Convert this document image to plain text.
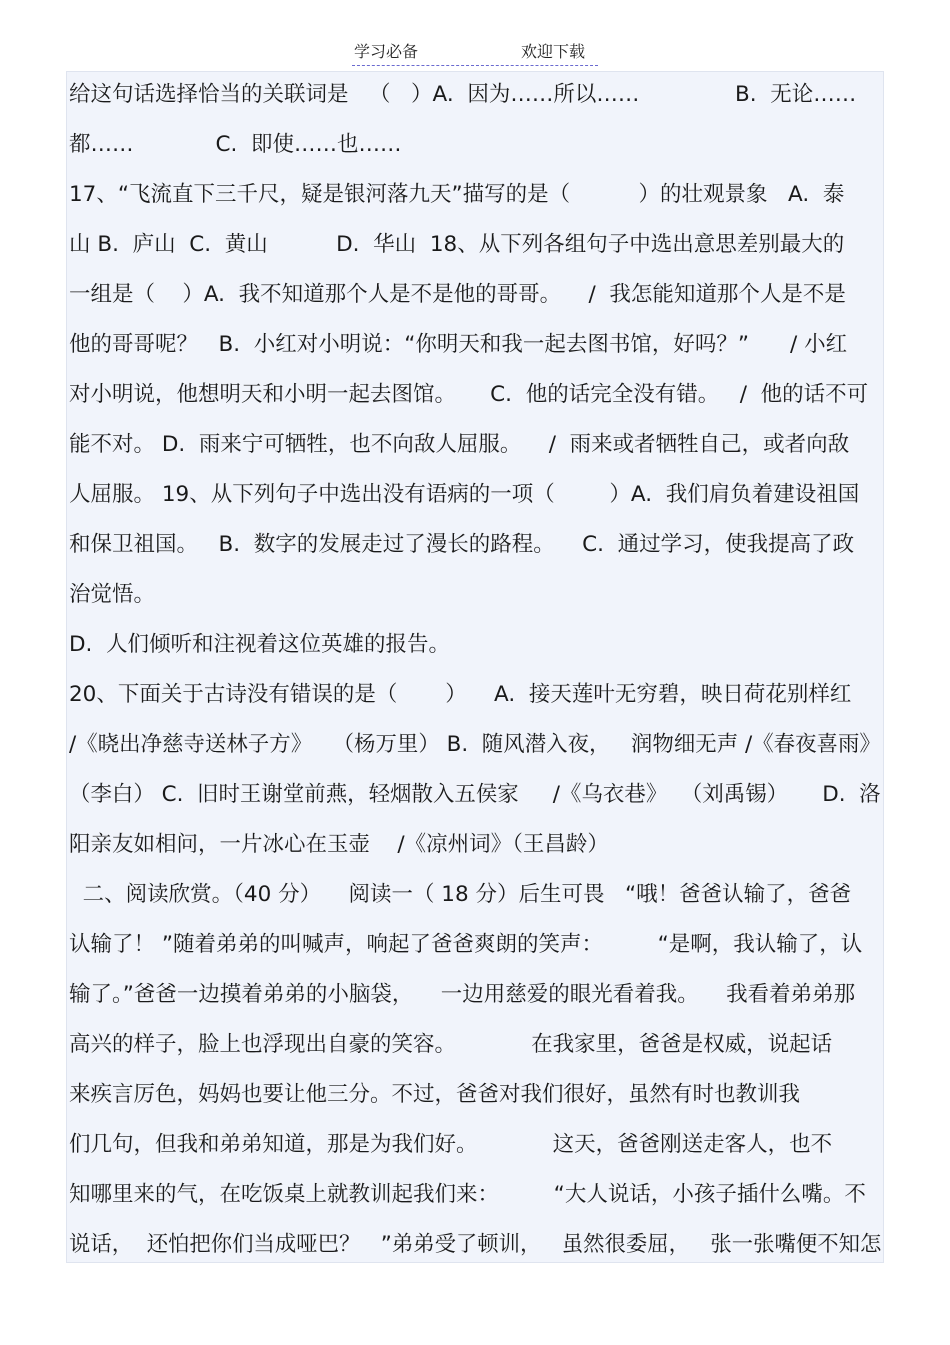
学习必备	欢迎下载
给这句话选择恰当的关联词是   （   ）A.  因为……所以……              B.  无论……
都……            C.  即使……也……
17、“飞流直下三千尺，疑是银河落九天”描写的是（          ）的壮观景象   A.  泰
山 B.  庐山  C.  黄山          D.  华山  18、从下列各组句子中选出意思差别最大的
一组是（    ）A.  我不知道那个人是不是他的哥哥。    /  我怎能知道那个人是不是
他的哥哥呢？   B.  小红对小明说：“你明天和我一起去图书馆，好吗？”      / 小红
对小明说，他想明天和小明一起去图馆。     C.  他的话完全没有错。   /  他的话不可
能不对。 D.  雨来宁可牺牲，也不向敌人屈服。    /  雨来或者牺牲自己，或者向敌
人屈服。 19、从下列句子中选出没有语病的一项（        ）A.  我们肩负着建设祖国
和保卫祖国。   B.  数字的发展走过了漫长的路程。    C.  通过学习，使我提高了政
治觉悟。
D.  人们倾听和注视着这位英雄的报告。
20、下面关于古诗没有错误的是（       ）    A.  接天莲叶无穷碧，映日荷花别样红
/《晓出净慈寺送林子方》   （杨万里） B.  随风潜入夜，   润物细无声 /《春夜喜雨》
（李白） C.  旧时王谢堂前燕，轻烟散入五侯家     /《乌衣巷》  （刘禹锡）     D.  洛
阳亲友如相问，一片冰心在玉壶    /《凉州词》（王昌龄）
二、阅读欣赏。（40 分）    阅读一（ 18 分）后生可畏   “哦！爸爸认输了，爸爸
认输了！ ”随着弟弟的叫喊声，响起了爸爸爽朗的笑声：        “是啊，我认输了，认
输了。”爸爸一边摸着弟弟的小脑袋，    一边用慈爱的眼光看着我。    我看着弟弟那
高兴的样子，脸上也浮现出自豪的笑容。           在我家里，爸爸是权威，说起话
来疾言厉色，妈妈也要让他三分。不过，爸爸对我们很好，虽然有时也教训我
们几句，但我和弟弟知道，那是为我们好。           这天，爸爸刚送走客人，也不
知哪里来的气，在吃饭桌上就教训起我们来：        “大人说话，小孩子插什么嘴。不
说话，  还怕把你们当成哑巴？   ”弟弟受了顿训，   虽然很委屈，   张一张嘴便不知怎
